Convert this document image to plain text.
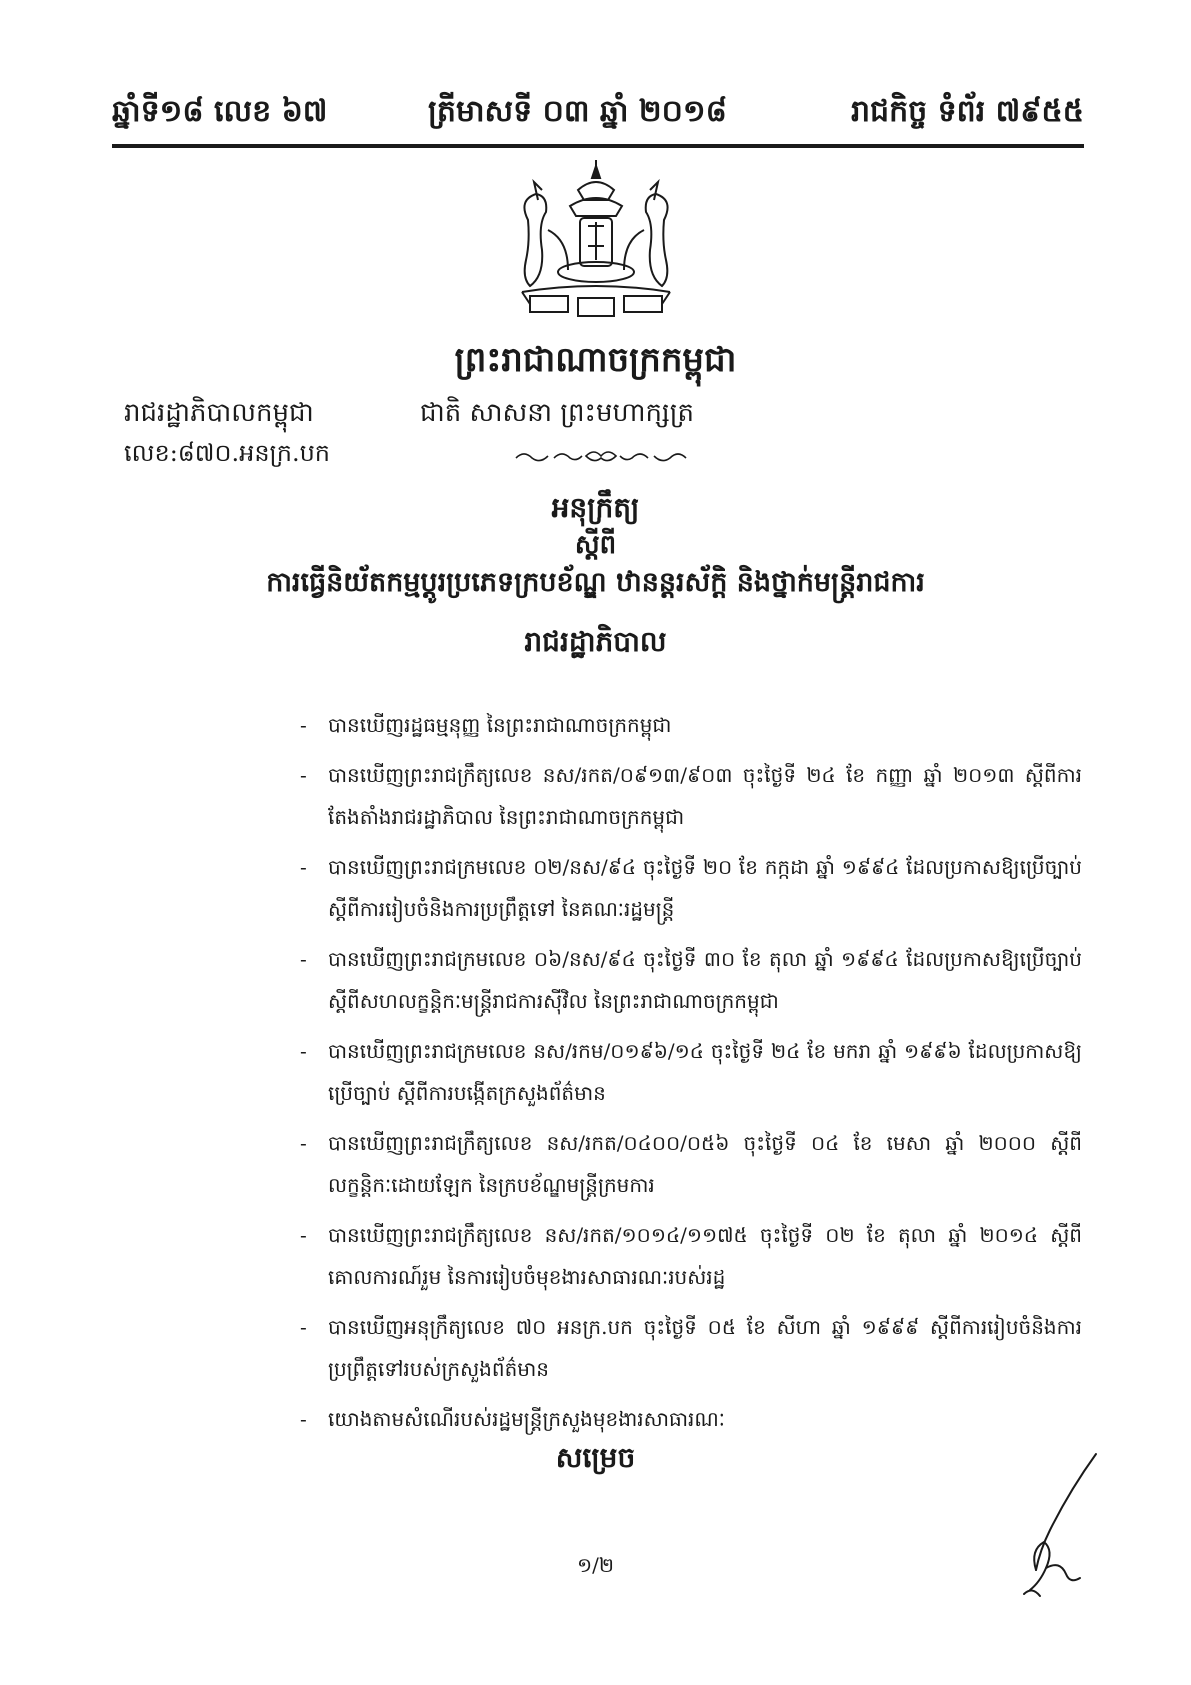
ឆ្នាំទី១៨ លេខ ៦៧	ត្រីមាសទី ០៣ ឆ្នាំ ២០១៨	រាជកិច្ច ទំព័រ ៧៩៥៥
ព្រះរាជាណាចក្រកម្ពុជា
រាជរដ្ឋាភិបាលកម្ពុជា
លេខ:៨៧០.អនក្រ.បក
ជាតិ សាសនា ព្រះមហាក្សត្រ
អនុក្រឹត្យ
ស្តីពី
ការធ្វើនិយ័តកម្មប្តូរប្រភេទក្របខ័ណ្ឌ ឋានន្តរស័ក្តិ និងថ្នាក់មន្ត្រីរាជការ
រាជរដ្ឋាភិបាល
- បានឃើញរដ្ឋធម្មនុញ្ញ នៃព្រះរាជាណាចក្រកម្ពុជា
- បានឃើញព្រះរាជក្រឹត្យលេខ នស/រកត/០៩១៣/៩០៣ ចុះថ្ងៃទី ២៤ ខែ កញ្ញា ឆ្នាំ ២០១៣ ស្តីពីការតែងតាំងរាជរដ្ឋាភិបាល នៃព្រះរាជាណាចក្រកម្ពុជា
- បានឃើញព្រះរាជក្រមលេខ ០២/នស/៩៤ ចុះថ្ងៃទី ២០ ខែ កក្កដា ឆ្នាំ ១៩៩៤ ដែលប្រកាសឱ្យប្រើច្បាប់ ស្តីពីការរៀបចំនិងការប្រព្រឹត្តទៅ នៃគណៈរដ្ឋមន្ត្រី
- បានឃើញព្រះរាជក្រមលេខ ០៦/នស/៩៤ ចុះថ្ងៃទី ៣០ ខែ តុលា ឆ្នាំ ១៩៩៤ ដែលប្រកាសឱ្យប្រើច្បាប់ស្តីពីសហលក្ខន្តិកៈមន្ត្រីរាជការស៊ីវិល នៃព្រះរាជាណាចក្រកម្ពុជា
- បានឃើញព្រះរាជក្រមលេខ នស/រកម/០១៩៦/១៤ ចុះថ្ងៃទី ២៤ ខែ មករា ឆ្នាំ ១៩៩៦ ដែលប្រកាសឱ្យប្រើច្បាប់ ស្តីពីការបង្កើតក្រសួងព័ត៌មាន
- បានឃើញព្រះរាជក្រឹត្យលេខ នស/រកត/០៤០០/០៥៦ ចុះថ្ងៃទី ០៤ ខែ មេសា ឆ្នាំ ២០០០ ស្តីពីលក្ខន្តិកៈដោយឡែក នៃក្របខ័ណ្ឌមន្ត្រីក្រមការ
- បានឃើញព្រះរាជក្រឹត្យលេខ នស/រកត/១០១៤/១១៧៥ ចុះថ្ងៃទី ០២ ខែ តុលា ឆ្នាំ ២០១៤ ស្តីពីគោលការណ៍រួម នៃការរៀបចំមុខងារសាធារណៈរបស់រដ្ឋ
- បានឃើញអនុក្រឹត្យលេខ ៧០ អនក្រ.បក ចុះថ្ងៃទី ០៥ ខែ សីហា ឆ្នាំ ១៩៩៩ ស្តីពីការរៀបចំនិងការប្រព្រឹត្តទៅរបស់ក្រសួងព័ត៌មាន
- យោងតាមសំណើរបស់រដ្ឋមន្ត្រីក្រសួងមុខងារសាធារណៈ
សម្រេច
១/២
